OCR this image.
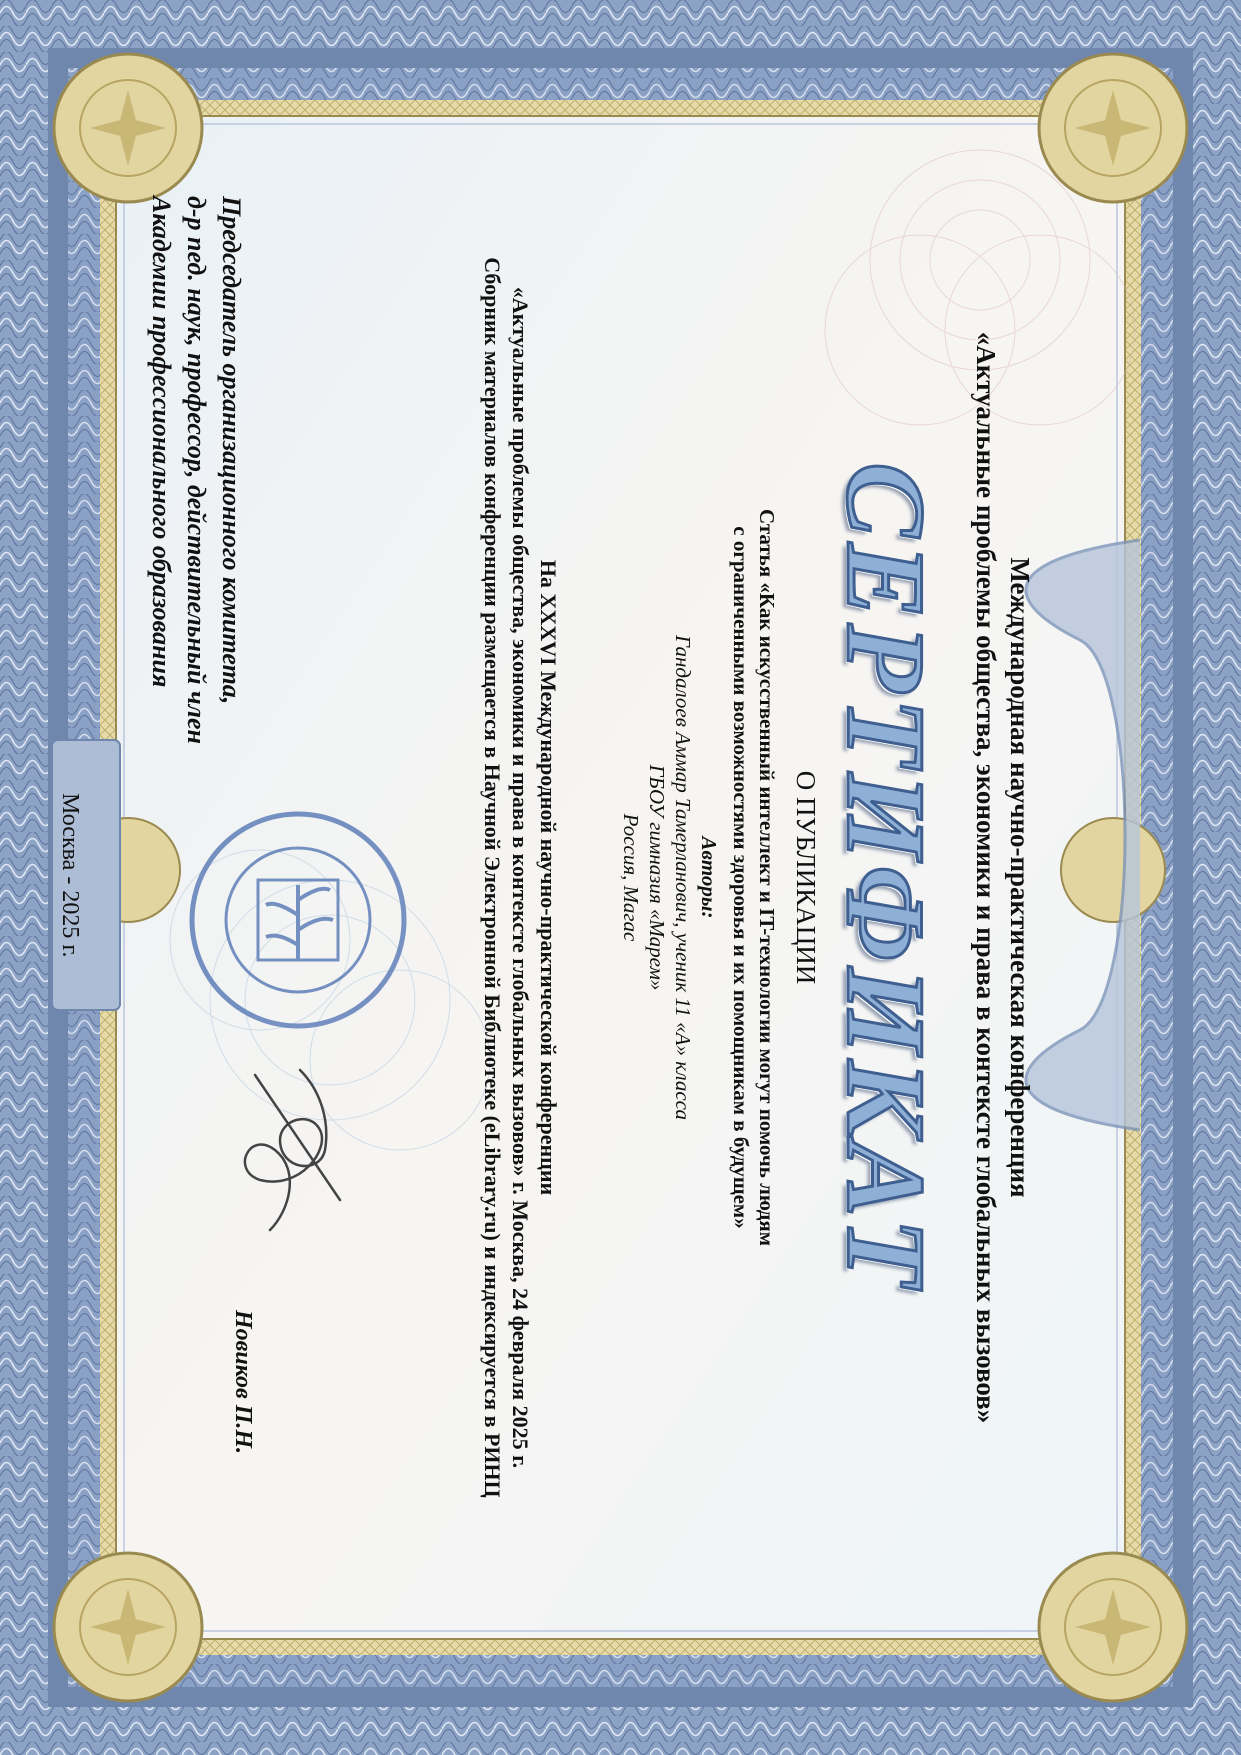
Международная научно-практическая конференция
«Актуальные проблемы общества, экономики и права в контексте глобальных вызовов»
СЕРТИФИКАТ
О ПУБЛИКАЦИИ
Статья «Как искусственный интеллект и IT-технологии могут помочь людям
с ограниченными возможностями здоровья и их помощникам в будущем»
Авторы:
Гандалоев Аммар Тамерланович, ученик 11 «А» класса
ГБОУ гимназия «Марем»
Россия, Магас
На XXXVI Международной научно-практической конференции
«Актуальные проблемы общества, экономики и права в контексте глобальных вызовов» г. Москва, 24 февраля 2025 г.
Сборник материалов конференции размещается в Научной Электронной Библиотеке (eLibrary.ru) и индексируется в РИНЦ
Председатель организационного комитета,
д-р пед. наук, профессор, действительный член
Академии профессионального образования
Новиков П.Н.
Москва - 2025 г.
